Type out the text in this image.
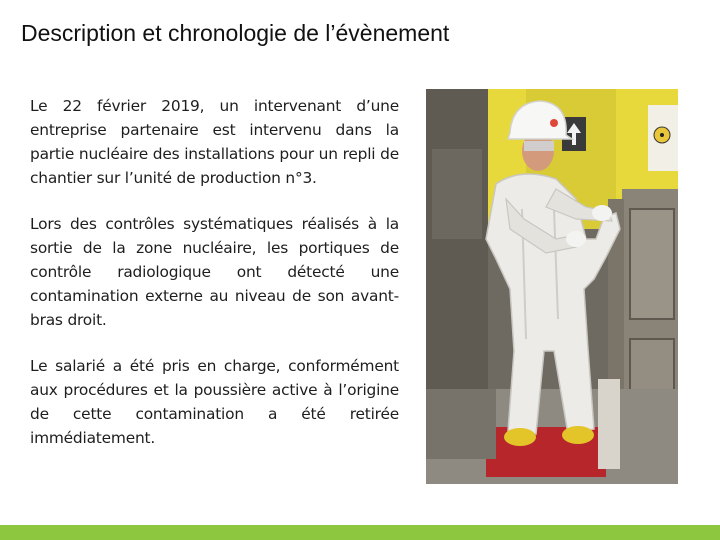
Description et chronologie de l’évènement

Le 22 février 2019, un intervenant d’une entreprise partenaire est intervenu dans la partie nucléaire des installations pour un repli de chantier sur l’unité de production n°3.

Lors des contrôles systématiques réalisés à la sortie de la zone nucléaire, les portiques de contrôle radiologique ont détecté une contamination externe au niveau de son avant-bras droit.

Le salarié a été pris en charge, conformément aux procédures et la poussière active à l’origine de cette contamination a été retirée immédiatement.
